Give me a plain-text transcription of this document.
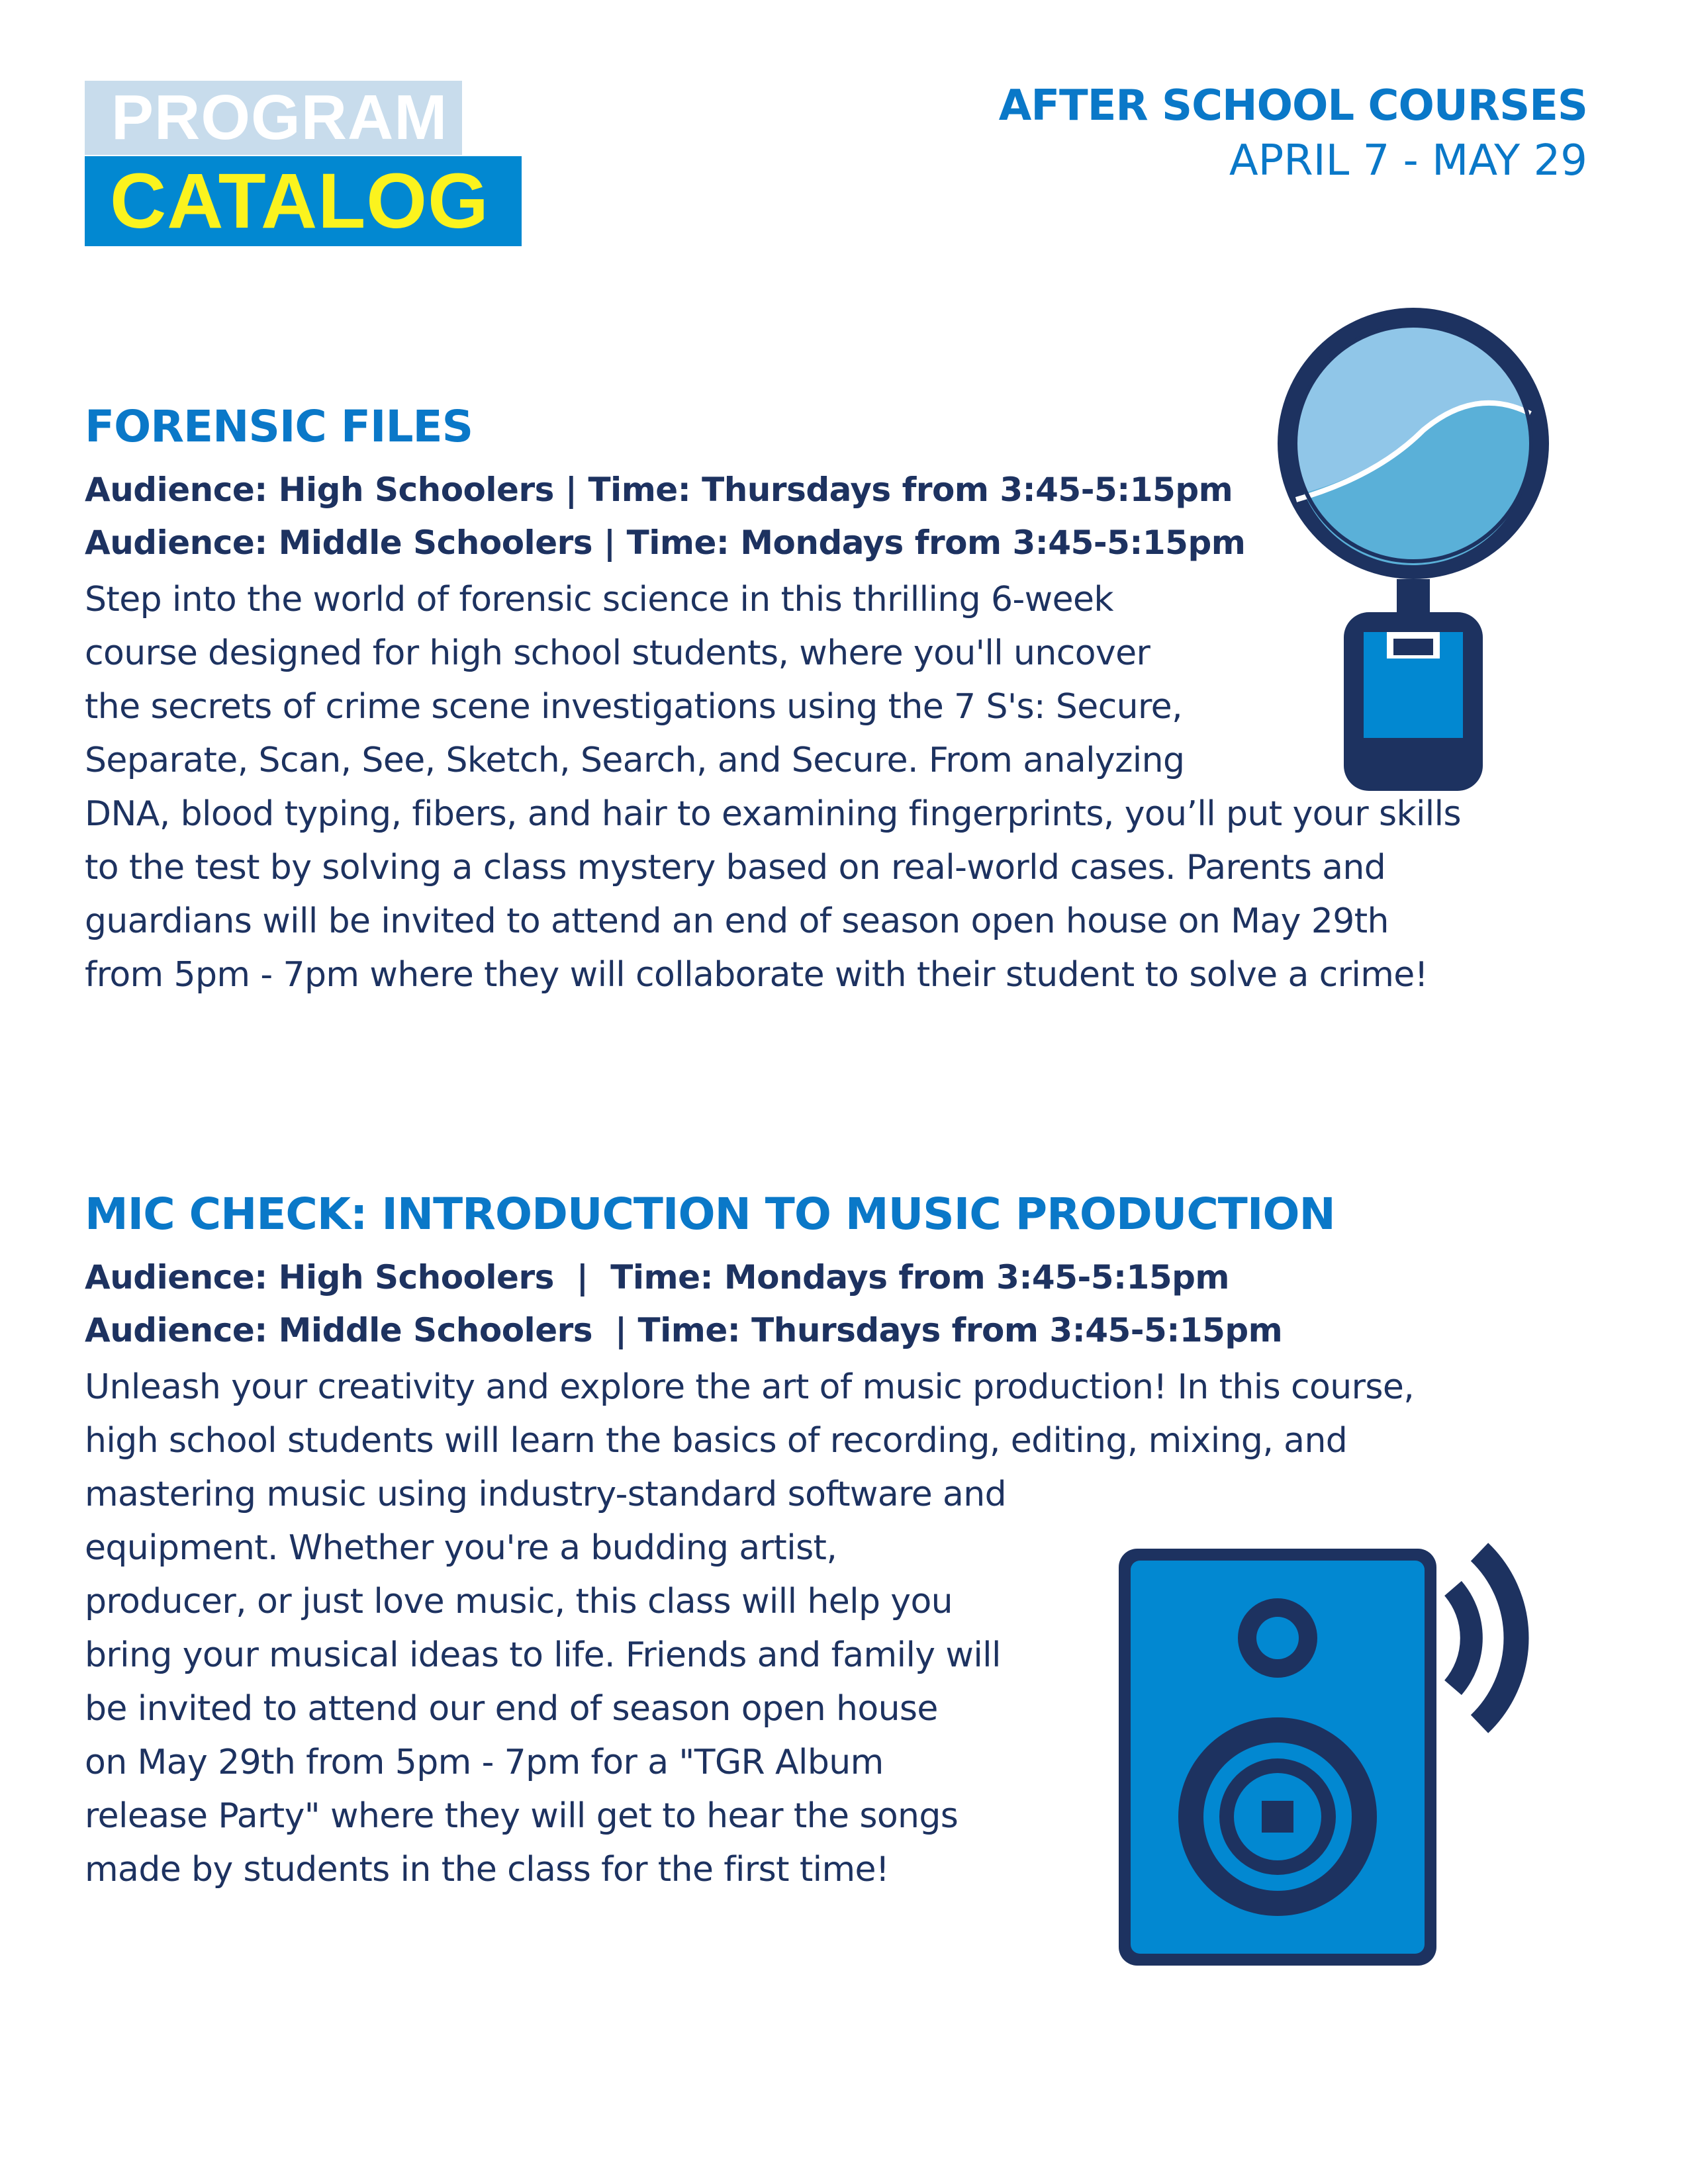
PROGRAM
CATALOG
AFTER SCHOOL COURSES
APRIL 7 - MAY 29
FORENSIC FILES
Audience: High Schoolers | Time: Thursdays from 3:45-5:15pm
Audience: Middle Schoolers | Time: Mondays from 3:45-5:15pm
Step into the world of forensic science in this thrilling 6-week
course designed for high school students, where you'll uncover
the secrets of crime scene investigations using the 7 S's: Secure,
Separate, Scan, See, Sketch, Search, and Secure. From analyzing
DNA, blood typing, fibers, and hair to examining fingerprints, you’ll put your skills
to the test by solving a class mystery based on real-world cases. Parents and
guardians will be invited to attend an end of season open house on May 29th
from 5pm - 7pm where they will collaborate with their student to solve a crime!
MIC CHECK: INTRODUCTION TO MUSIC PRODUCTION
Audience: High Schoolers  |  Time: Mondays from 3:45-5:15pm
Audience: Middle Schoolers  | Time: Thursdays from 3:45-5:15pm
Unleash your creativity and explore the art of music production! In this course,
high school students will learn the basics of recording, editing, mixing, and
mastering music using industry-standard software and
equipment. Whether you're a budding artist,
producer, or just love music, this class will help you
bring your musical ideas to life. Friends and family will
be invited to attend our end of season open house
on May 29th from 5pm - 7pm for a "TGR Album
release Party" where they will get to hear the songs
made by students in the class for the first time!
